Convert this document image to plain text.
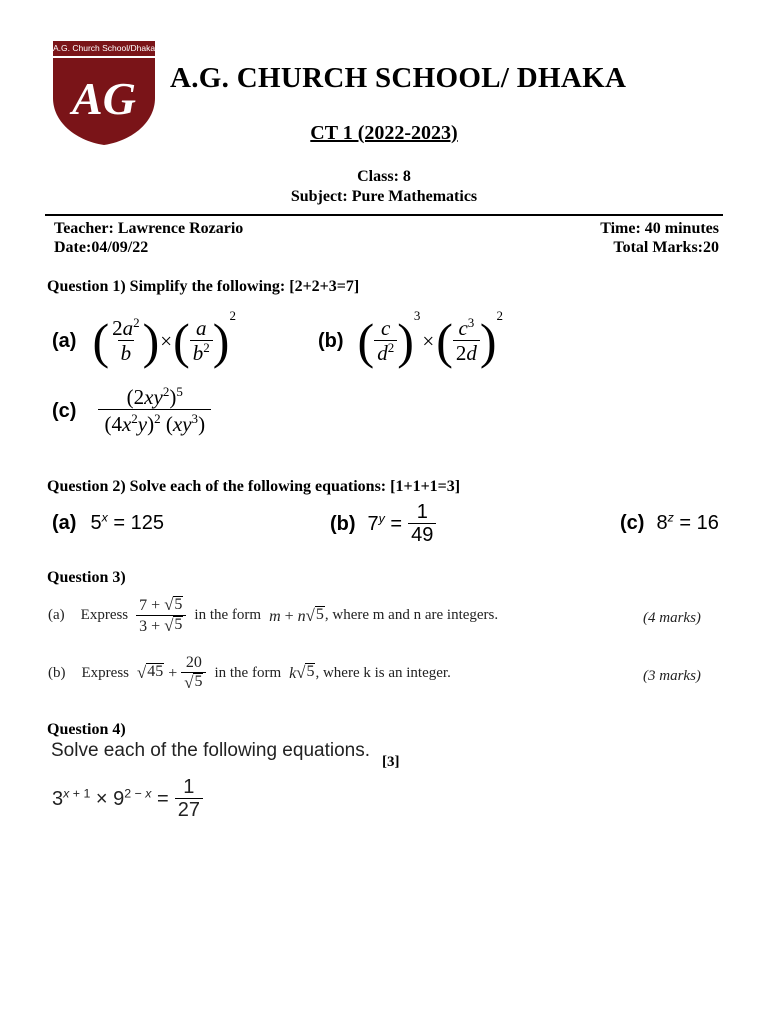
A.G. Church School/Dhaka
AG A.G. CHURCH SCHOOL/ DHAKA
CT 1 (2022-2023)
Class: 8
Subject: Pure Mathematics
Teacher: Lawrence Rozario
Date:04/09/22
Time: 40 minutes
Total Marks:20
Question 1) Simplify the following: [2+2+3=7]
(a) ( $\frac{2a^2}{b}$ ) × ( $\frac{a}{b^2}$ ) 2
(b) ( $\frac{c}{d^2}$ ) 3
× ( $\frac{c^3}{2d}$ ) 2
$(c) \frac{(2xy^2)^5}{(4x^2y)^2 (xy^3)}$
Question 2) Solve each of the following equations: [1+1+1=3]
(a) $5^x = 125$	(b) $7^y = \frac{1}{49}$	(c) $8^z = 16$
Question 3)
(a) Express $\frac{7 + √ 5}{3 + √ 5}$ in the form m + n √ 5 , where m and n are integers.	(4 marks)
(b) Express √ $45 + \frac{20}{√ 5}$ in the form k √ 5 , where k is an integer.	(3 marks)
Question 4)
Solve each of the following equations.
[3]
$3^{x + 1} \times 9^{2 - x} = \frac{1}{27}$
